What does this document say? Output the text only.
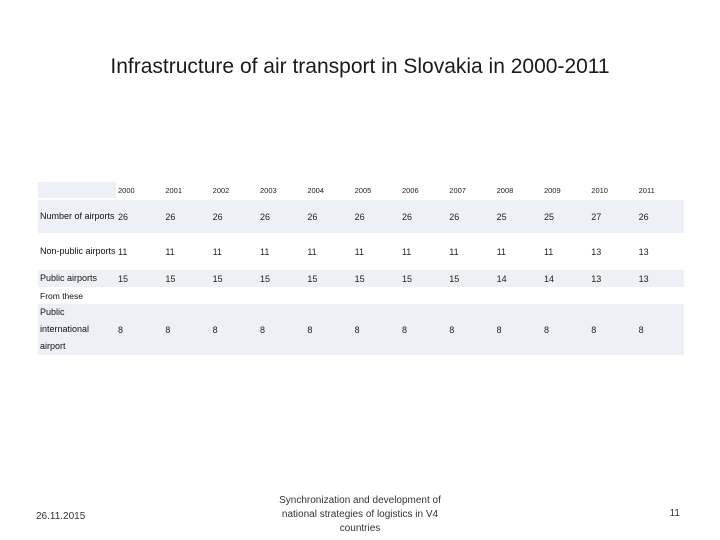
Infrastructure of air transport in Slovakia in 2000-2011
	2000	2001	2002	2003	2004	2005	2006	2007	2008	2009	2010	2011
Number of airports	26	26	26	26	26	26	26	26	25	25	27	26
Non-public airports	11	11	11	11	11	11	11	11	11	11	13	13
Public airports	15	15	15	15	15	15	15	15	14	14	13	13
From these												
Public international airport	8	8	8	8	8	8	8	8	8	8	8	8
26.11.2015
Synchronization and development of national strategies of logistics in V4 countries
11
